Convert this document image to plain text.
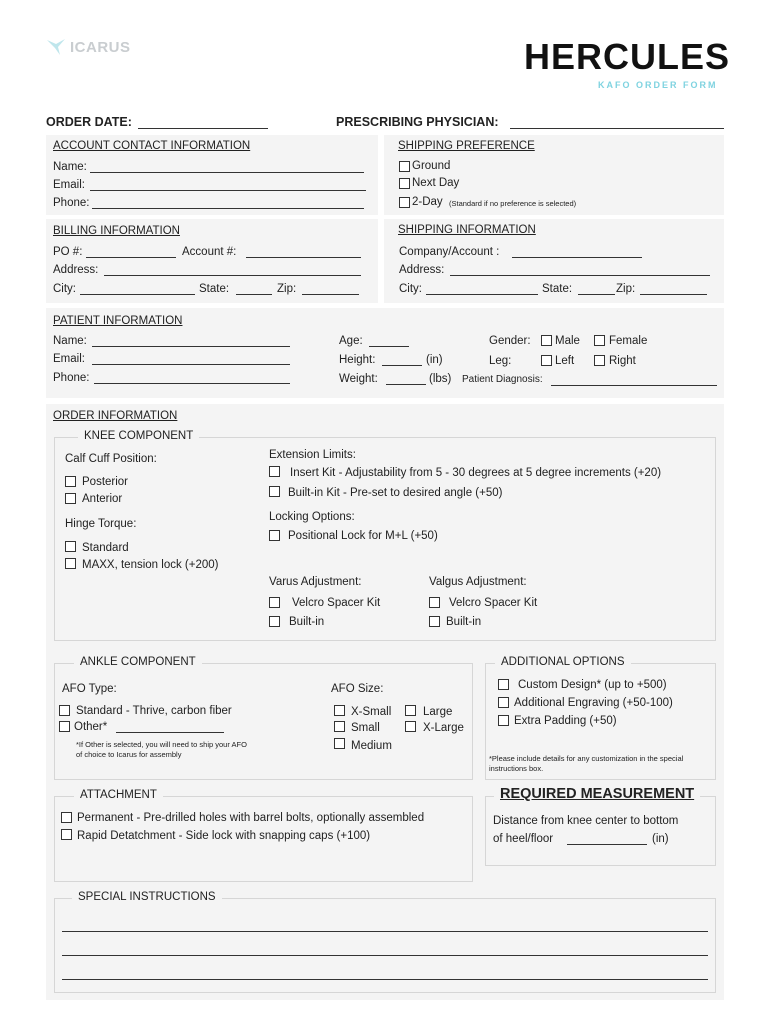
ICARUS	HERCULES
KAFO ORDER FORM
ORDER DATE:	PRESCRIBING PHYSICIAN:
ACCOUNT CONTACT INFORMATION
Name:
Email:
Phone:
SHIPPING PREFERENCE
Ground
Next Day
2-Day (Standard if no preference is selected)
BILLING INFORMATION
PO #:	Account #:
Address:
City:	State:	Zip:
SHIPPING INFORMATION
Company/Account :
Address:
City:	State:	Zip:
PATIENT INFORMATION
Name:
Email:
Phone:
Age:
Height:	(in)
Weight:	(lbs)
Gender: Male	Female
Leg:	Left	Right
Patient Diagnosis:
ORDER INFORMATION
KNEE COMPONENT
Calf Cuff Position:
Posterior
Anterior
Hinge Torque:
Standard
MAXX, tension lock (+200)
Extension Limits:
Insert Kit - Adjustability from 5 - 30 degrees at 5 degree increments (+20)
Built-in Kit - Pre-set to desired angle (+50)
Locking Options:
Positional Lock for M+L (+50)
Varus Adjustment:
Velcro Spacer Kit
Built-in
Valgus Adjustment:
Velcro Spacer Kit
Built-in
ANKLE COMPONENT
AFO Type:
Standard - Thrive, carbon fiber
Other*
*If Other is selected, you will need to ship your AFO
of choice to Icarus for assembly
AFO Size:
X-Small
Small
Medium
Large
X-Large
ADDITIONAL OPTIONS
Custom Design* (up to +500)
Additional Engraving (+50-100)
Extra Padding (+50)
*Please include details for any customization in the special
instructions box.
ATTACHMENT
Permanent - Pre-drilled holes with barrel bolts, optionally assembled
Rapid Detatchment - Side lock with snapping caps (+100)
REQUIRED MEASUREMENT
Distance from knee center to bottom
of heel/floor	(in)
SPECIAL INSTRUCTIONS
